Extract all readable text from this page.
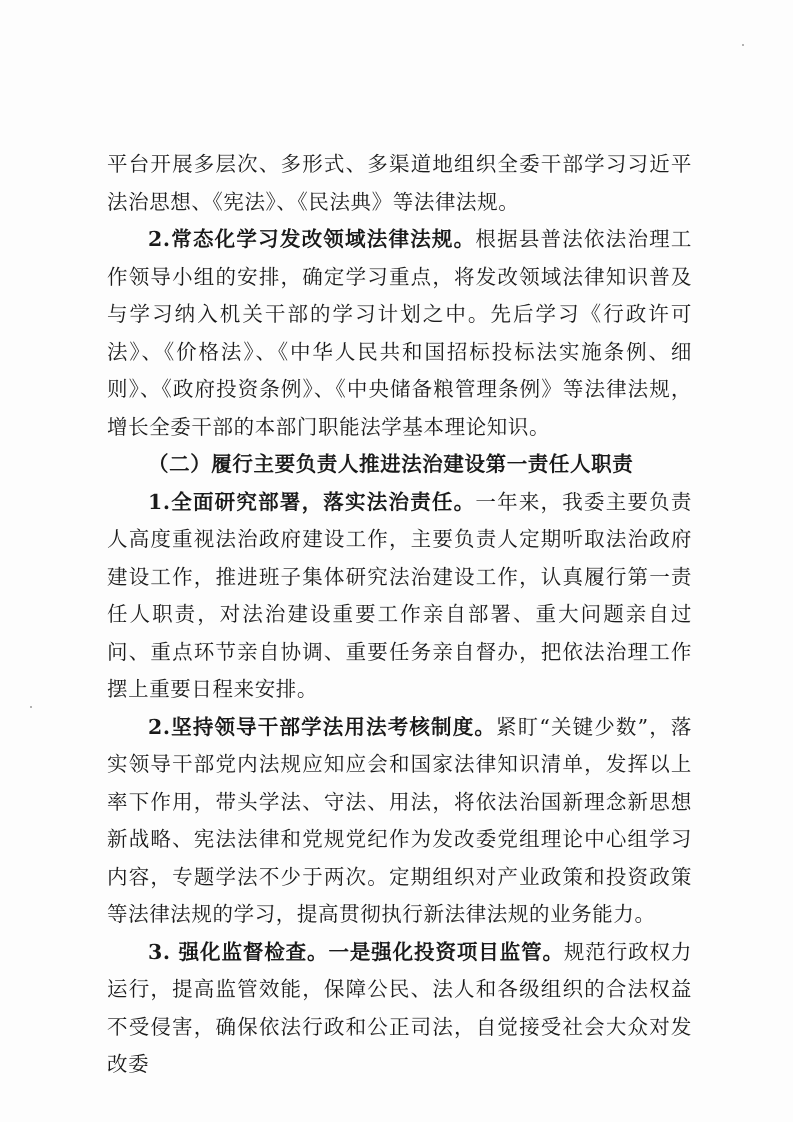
平台开展多层次、多形式、多渠道地组织全委干部学习习近平法治思想、《宪法》、《民法典》等法律法规。

2.常态化学习发改领域法律法规。根据县普法依法治理工作领导小组的安排，确定学习重点，将发改领域法律知识普及与学习纳入机关干部的学习计划之中。先后学习《行政许可法》、《价格法》、《中华人民共和国招标投标法实施条例、细则》、《政府投资条例》、《中央储备粮管理条例》等法律法规，增长全委干部的本部门职能法学基本理论知识。

（二）履行主要负责人推进法治建设第一责任人职责

1.全面研究部署，落实法治责任。一年来，我委主要负责人高度重视法治政府建设工作，主要负责人定期听取法治政府建设工作，推进班子集体研究法治建设工作，认真履行第一责任人职责，对法治建设重要工作亲自部署、重大问题亲自过问、重点环节亲自协调、重要任务亲自督办，把依法治理工作摆上重要日程来安排。

2.坚持领导干部学法用法考核制度。紧盯“关键少数”，落实领导干部党内法规应知应会和国家法律知识清单，发挥以上率下作用，带头学法、守法、用法，将依法治国新理念新思想新战略、宪法法律和党规党纪作为发改委党组理论中心组学习内容，专题学法不少于两次。定期组织对产业政策和投资政策等法律法规的学习，提高贯彻执行新法律法规的业务能力。

3. 强化监督检查。一是强化投资项目监管。规范行政权力运行，提高监管效能，保障公民、法人和各级组织的合法权益不受侵害，确保依法行政和公正司法，自觉接受社会大众对发改委
